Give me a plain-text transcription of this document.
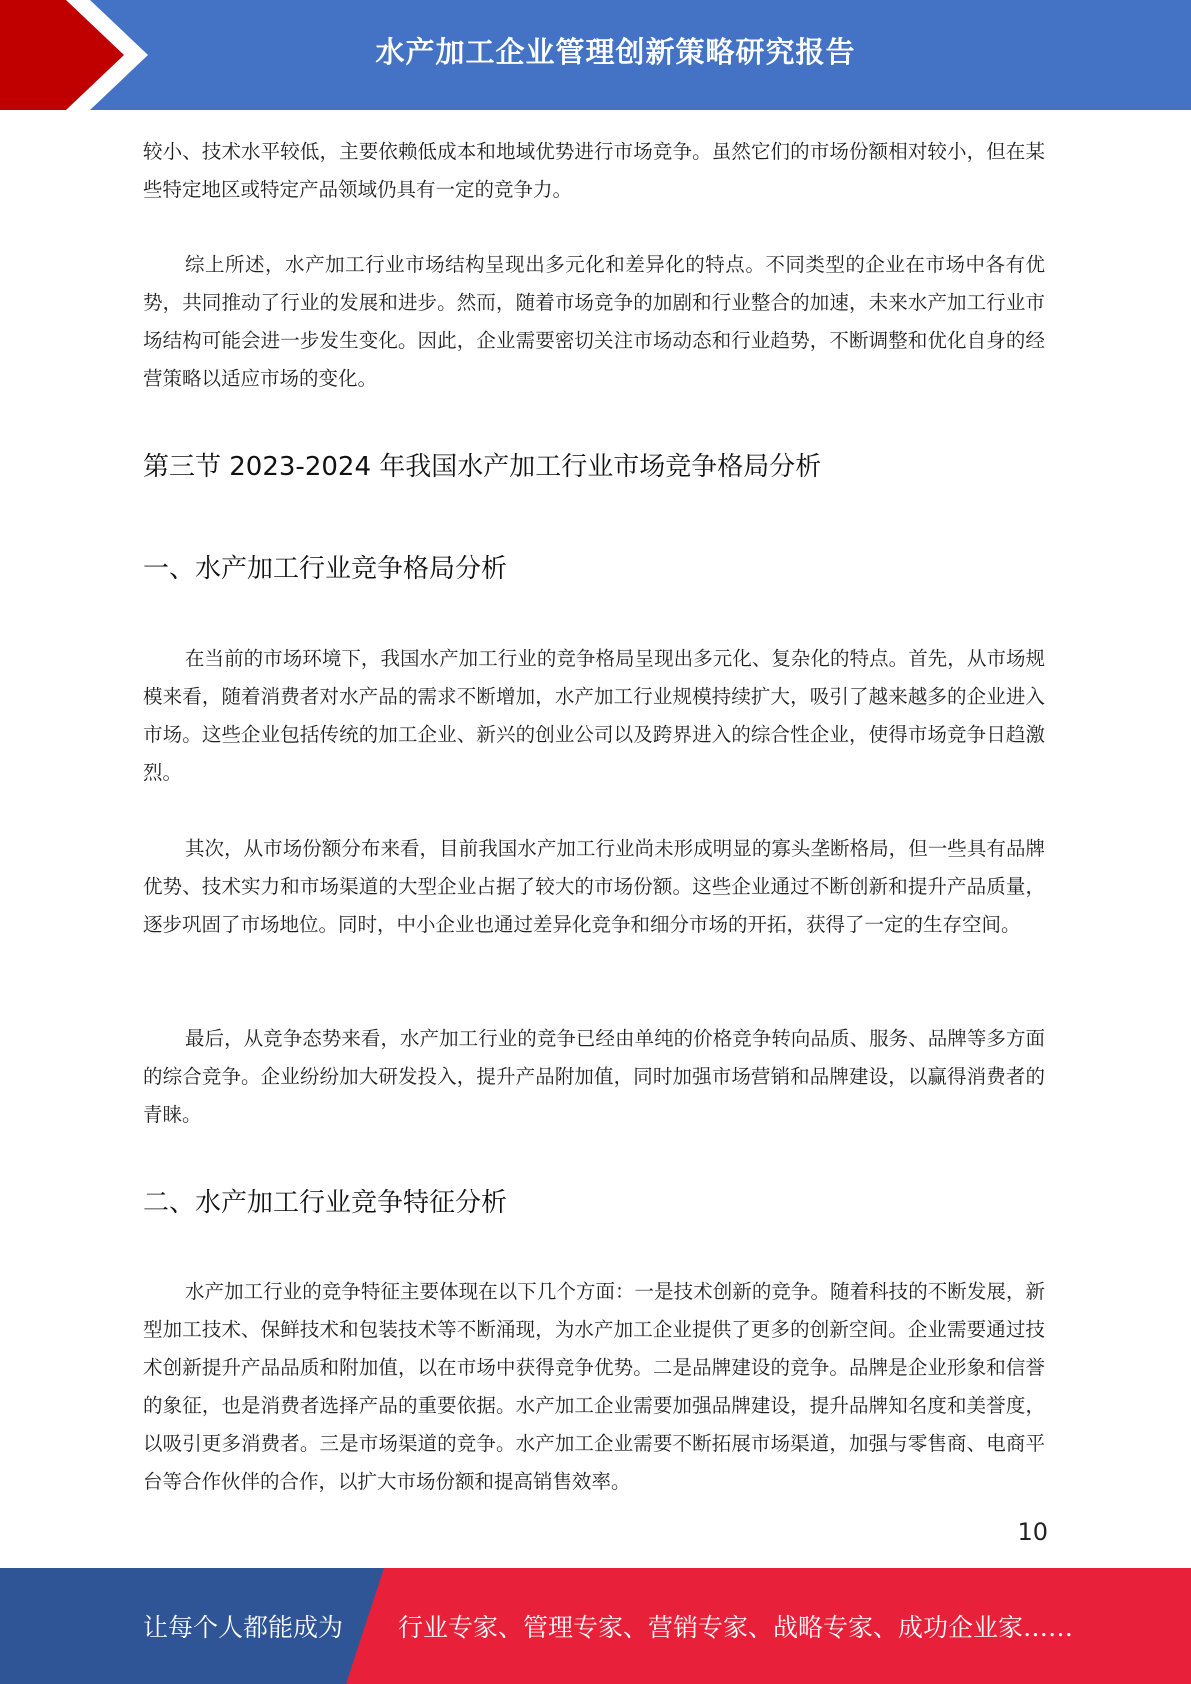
水产加工企业管理创新策略研究报告
较小、技术水平较低，主要依赖低成本和地域优势进行市场竞争。虽然它们的市场份额相对较小，但在某些特定地区或特定产品领域仍具有一定的竞争力。
综上所述，水产加工行业市场结构呈现出多元化和差异化的特点。不同类型的企业在市场中各有优势，共同推动了行业的发展和进步。然而，随着市场竞争的加剧和行业整合的加速，未来水产加工行业市场结构可能会进一步发生变化。因此，企业需要密切关注市场动态和行业趋势，不断调整和优化自身的经营策略以适应市场的变化。
第三节 2023-2024 年我国水产加工行业市场竞争格局分析
一、水产加工行业竞争格局分析
在当前的市场环境下，我国水产加工行业的竞争格局呈现出多元化、复杂化的特点。首先，从市场规模来看，随着消费者对水产品的需求不断增加，水产加工行业规模持续扩大，吸引了越来越多的企业进入市场。这些企业包括传统的加工企业、新兴的创业公司以及跨界进入的综合性企业，使得市场竞争日趋激烈。
其次，从市场份额分布来看，目前我国水产加工行业尚未形成明显的寡头垄断格局，但一些具有品牌优势、技术实力和市场渠道的大型企业占据了较大的市场份额。这些企业通过不断创新和提升产品质量，逐步巩固了市场地位。同时，中小企业也通过差异化竞争和细分市场的开拓，获得了一定的生存空间。
最后，从竞争态势来看，水产加工行业的竞争已经由单纯的价格竞争转向品质、服务、品牌等多方面的综合竞争。企业纷纷加大研发投入，提升产品附加值，同时加强市场营销和品牌建设，以赢得消费者的青睐。
二、水产加工行业竞争特征分析
水产加工行业的竞争特征主要体现在以下几个方面：一是技术创新的竞争。随着科技的不断发展，新型加工技术、保鲜技术和包装技术等不断涌现，为水产加工企业提供了更多的创新空间。企业需要通过技术创新提升产品品质和附加值，以在市场中获得竞争优势。二是品牌建设的竞争。品牌是企业形象和信誉的象征，也是消费者选择产品的重要依据。水产加工企业需要加强品牌建设，提升品牌知名度和美誉度，以吸引更多消费者。三是市场渠道的竞争。水产加工企业需要不断拓展市场渠道，加强与零售商、电商平台等合作伙伴的合作，以扩大市场份额和提高销售效率。
10
让每个人都能成为 行业专家、管理专家、营销专家、战略专家、成功企业家……
